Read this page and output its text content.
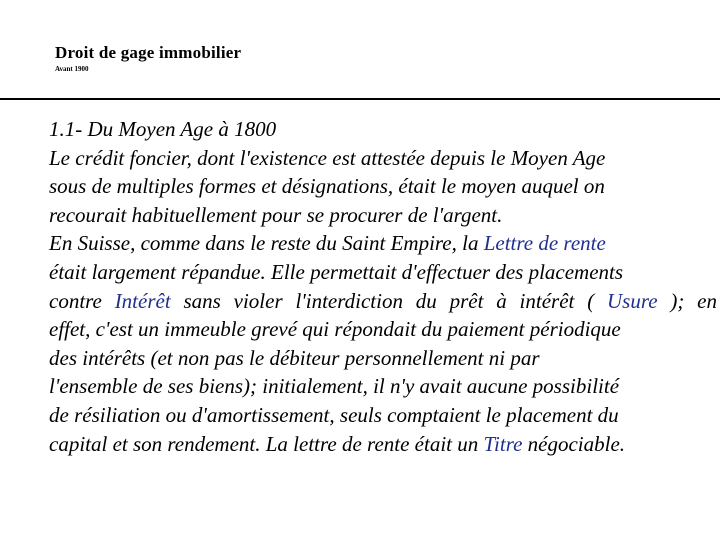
Droit de gage immobilier
Avant 1900

1.1- Du Moyen Age à 1800

Le crédit foncier, dont l'existence est attestée depuis le Moyen Age
sous de multiples formes et désignations, était le moyen auquel on
recourait habituellement pour se procurer de l'argent.

En Suisse, comme dans le reste du Saint Empire, la Lettre de rente
était largement répandue. Elle permettait d'effectuer des placements
contre Intérêt sans violer l'interdiction du prêt à intérêt ( Usure ); en
effet, c'est un immeuble grevé qui répondait du paiement périodique
des intérêts (et non pas le débiteur personnellement ni par
l'ensemble de ses biens); initialement, il n'y avait aucune possibilité
de résiliation ou d'amortissement, seuls comptaient le placement du
capital et son rendement. La lettre de rente était un Titre négociable.
